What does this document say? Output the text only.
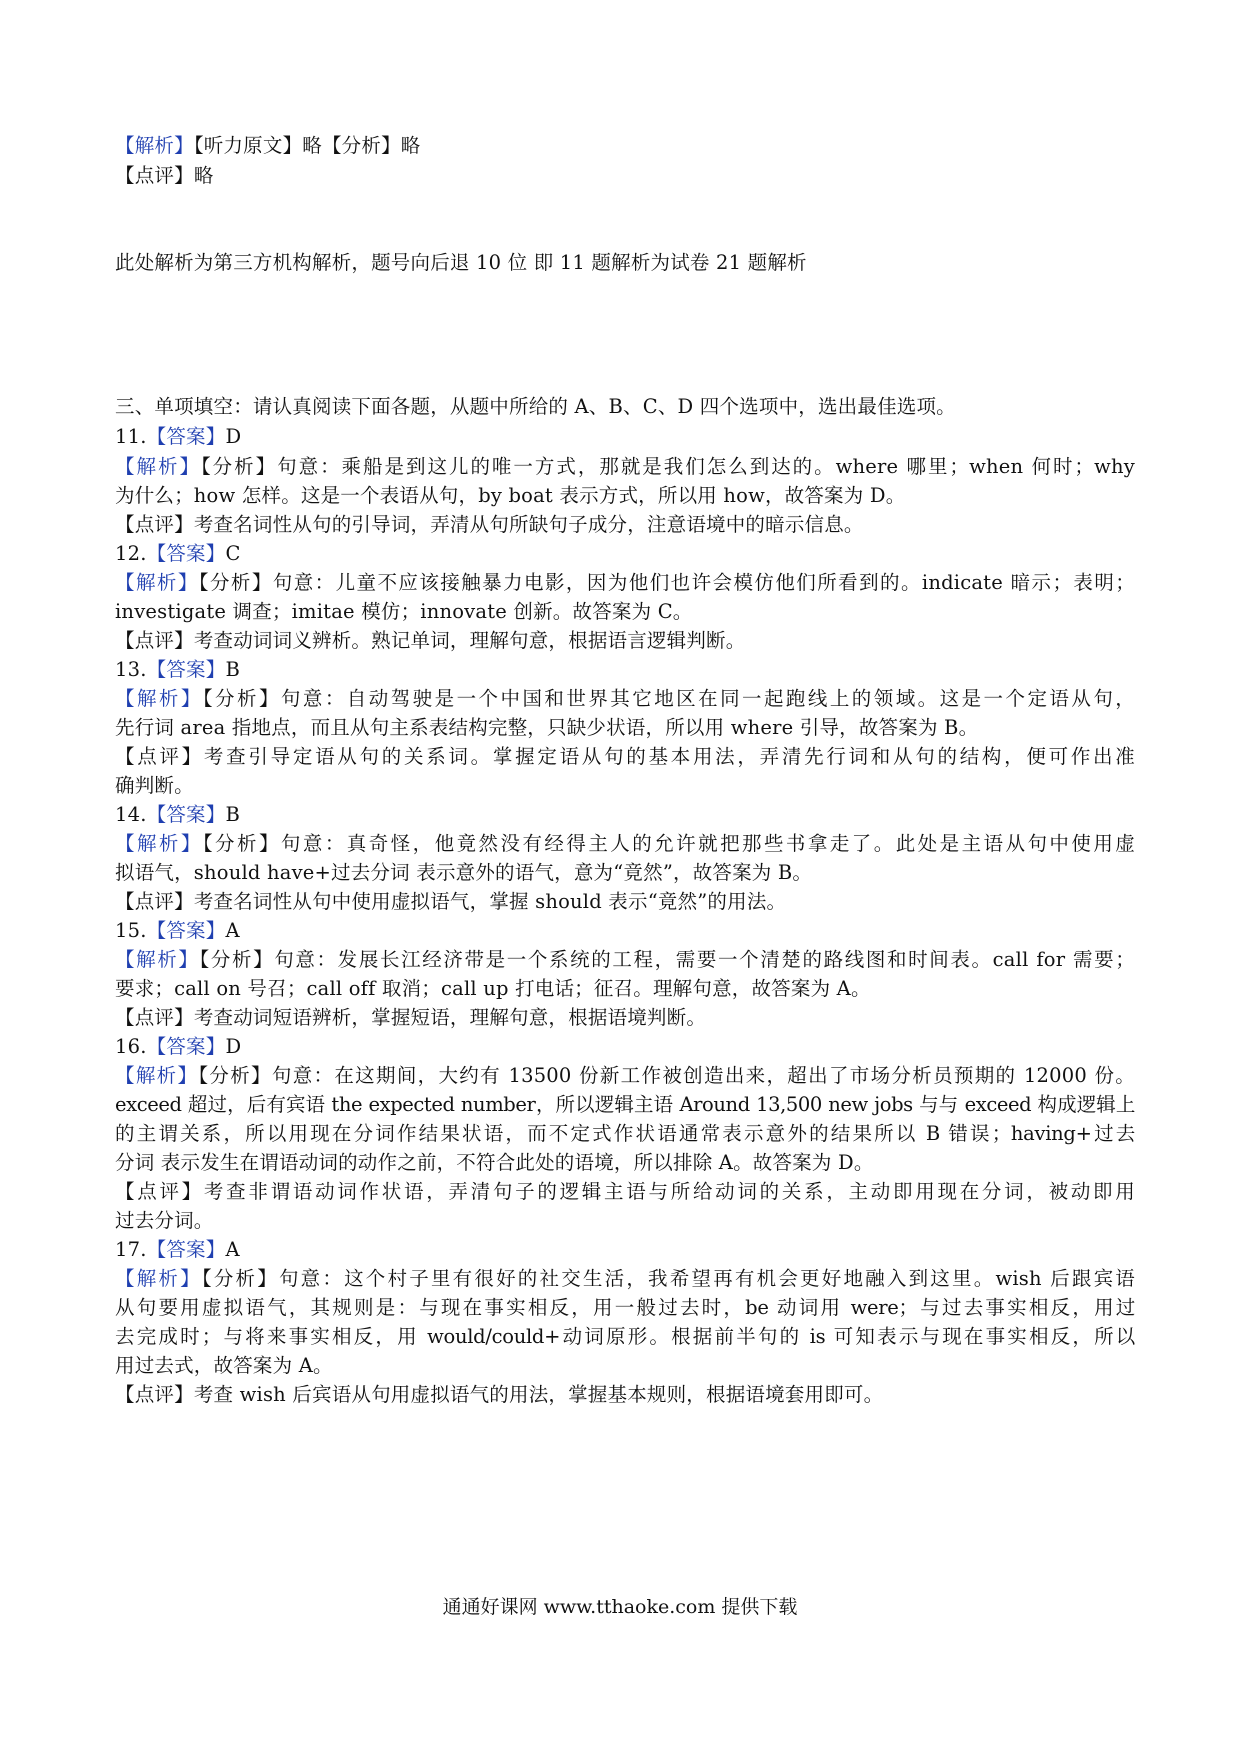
【解析】【听力原文】略【分析】略
【点评】略
此处解析为第三方机构解析，题号向后退 10 位 即 11 题解析为试卷 21 题解析
三、单项填空：请认真阅读下面各题，从题中所给的 A、B、C、D 四个选项中，选出最佳选项。
11.【答案】D
【解析】【分析】句意：乘船是到这儿的唯一方式，那就是我们怎么到达的。where 哪里；when 何时；why
为什么；how 怎样。这是一个表语从句，by boat 表示方式，所以用 how，故答案为 D。
【点评】考查名词性从句的引导词，弄清从句所缺句子成分，注意语境中的暗示信息。
12.【答案】C
【解析】【分析】句意：儿童不应该接触暴力电影，因为他们也许会模仿他们所看到的。indicate 暗示；表明；
investigate 调查；imitae 模仿；innovate 创新。故答案为 C。
【点评】考查动词词义辨析。熟记单词，理解句意，根据语言逻辑判断。
13.【答案】B
【解析】【分析】句意：自动驾驶是一个中国和世界其它地区在同一起跑线上的领域。这是一个定语从句，
先行词 area 指地点，而且从句主系表结构完整，只缺少状语，所以用 where 引导，故答案为 B。
【点评】考查引导定语从句的关系词。掌握定语从句的基本用法，弄清先行词和从句的结构，便可作出准
确判断。
14.【答案】B
【解析】【分析】句意：真奇怪，他竟然没有经得主人的允许就把那些书拿走了。此处是主语从句中使用虚
拟语气，should have+过去分词 表示意外的语气，意为“竟然”，故答案为 B。
【点评】考查名词性从句中使用虚拟语气，掌握 should 表示“竟然”的用法。
15.【答案】A
【解析】【分析】句意：发展长江经济带是一个系统的工程，需要一个清楚的路线图和时间表。call for 需要；
要求；call on 号召；call off 取消；call up 打电话；征召。理解句意，故答案为 A。
【点评】考查动词短语辨析，掌握短语，理解句意，根据语境判断。
16.【答案】D
【解析】【分析】句意：在这期间，大约有 13500 份新工作被创造出来，超出了市场分析员预期的 12000 份。
exceed 超过，后有宾语 the expected number，所以逻辑主语 Around 13,500 new jobs 与与 exceed 构成逻辑上
的主谓关系，所以用现在分词作结果状语，而不定式作状语通常表示意外的结果所以 B 错误；having+过去
分词 表示发生在谓语动词的动作之前，不符合此处的语境，所以排除 A。故答案为 D。
【点评】考查非谓语动词作状语，弄清句子的逻辑主语与所给动词的关系，主动即用现在分词，被动即用
过去分词。
17.【答案】A
【解析】【分析】句意：这个村子里有很好的社交生活，我希望再有机会更好地融入到这里。wish 后跟宾语
从句要用虚拟语气，其规则是：与现在事实相反，用一般过去时，be 动词用 were；与过去事实相反，用过
去完成时；与将来事实相反，用 would/could+动词原形。根据前半句的 is 可知表示与现在事实相反，所以
用过去式，故答案为 A。
【点评】考查 wish 后宾语从句用虚拟语气的用法，掌握基本规则，根据语境套用即可。
通通好课网 www.tthaoke.com 提供下载
